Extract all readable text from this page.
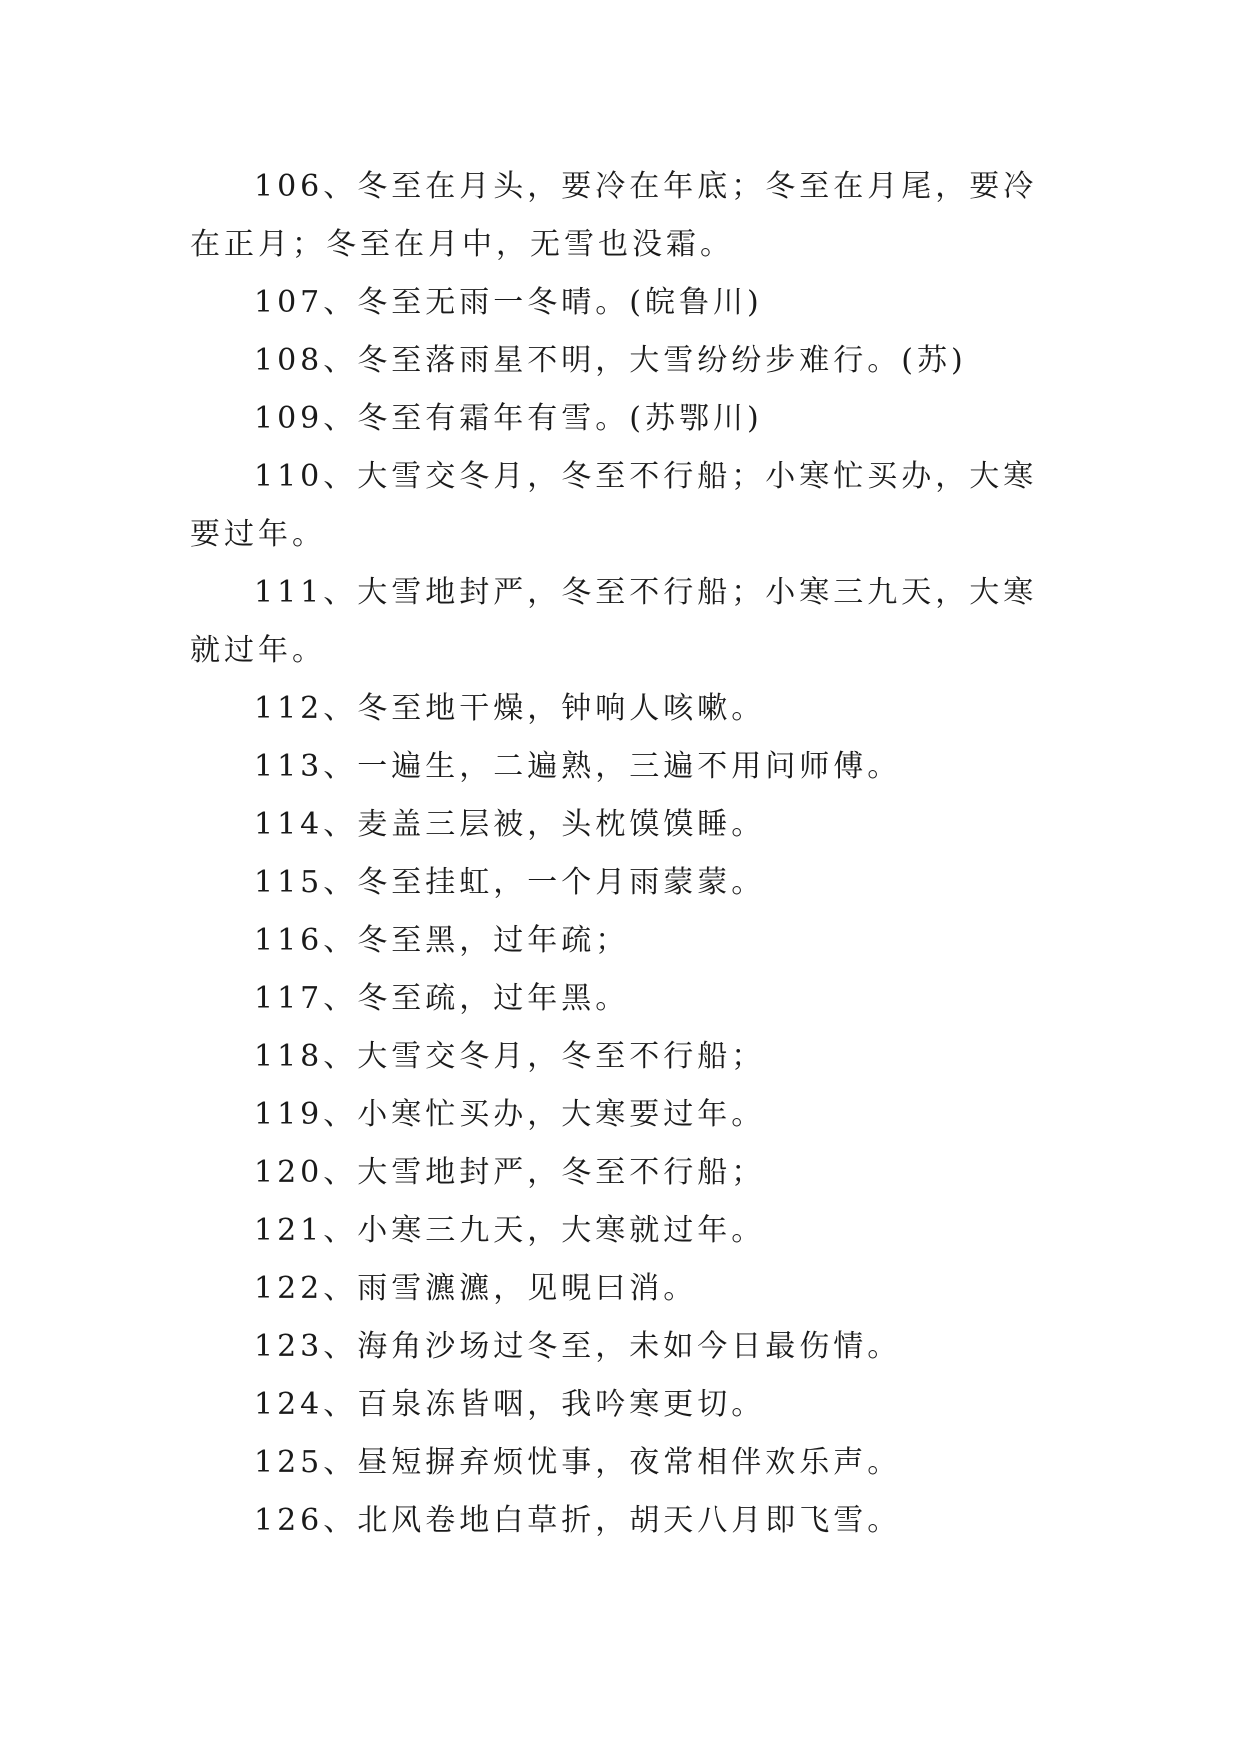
106、冬至在月头，要冷在年底；冬至在月尾，要冷在正月；冬至在月中，无雪也没霜。

107、冬至无雨一冬晴。(皖鲁川)

108、冬至落雨星不明，大雪纷纷步难行。(苏)

109、冬至有霜年有雪。(苏鄂川)

110、大雪交冬月，冬至不行船；小寒忙买办，大寒要过年。

111、大雪地封严，冬至不行船；小寒三九天，大寒就过年。

112、冬至地干燥，钟响人咳嗽。

113、一遍生，二遍熟，三遍不用问师傅。

114、麦盖三层被，头枕馍馍睡。

115、冬至挂虹，一个月雨蒙蒙。

116、冬至黑，过年疏；

117、冬至疏，过年黑。

118、大雪交冬月，冬至不行船；

119、小寒忙买办，大寒要过年。

120、大雪地封严，冬至不行船；

121、小寒三九天，大寒就过年。

122、雨雪瀌瀌，见晛曰消。

123、海角沙场过冬至，未如今日最伤情。

124、百泉冻皆咽，我吟寒更切。

125、昼短摒弃烦忧事，夜常相伴欢乐声。

126、北风卷地白草折，胡天八月即飞雪。
